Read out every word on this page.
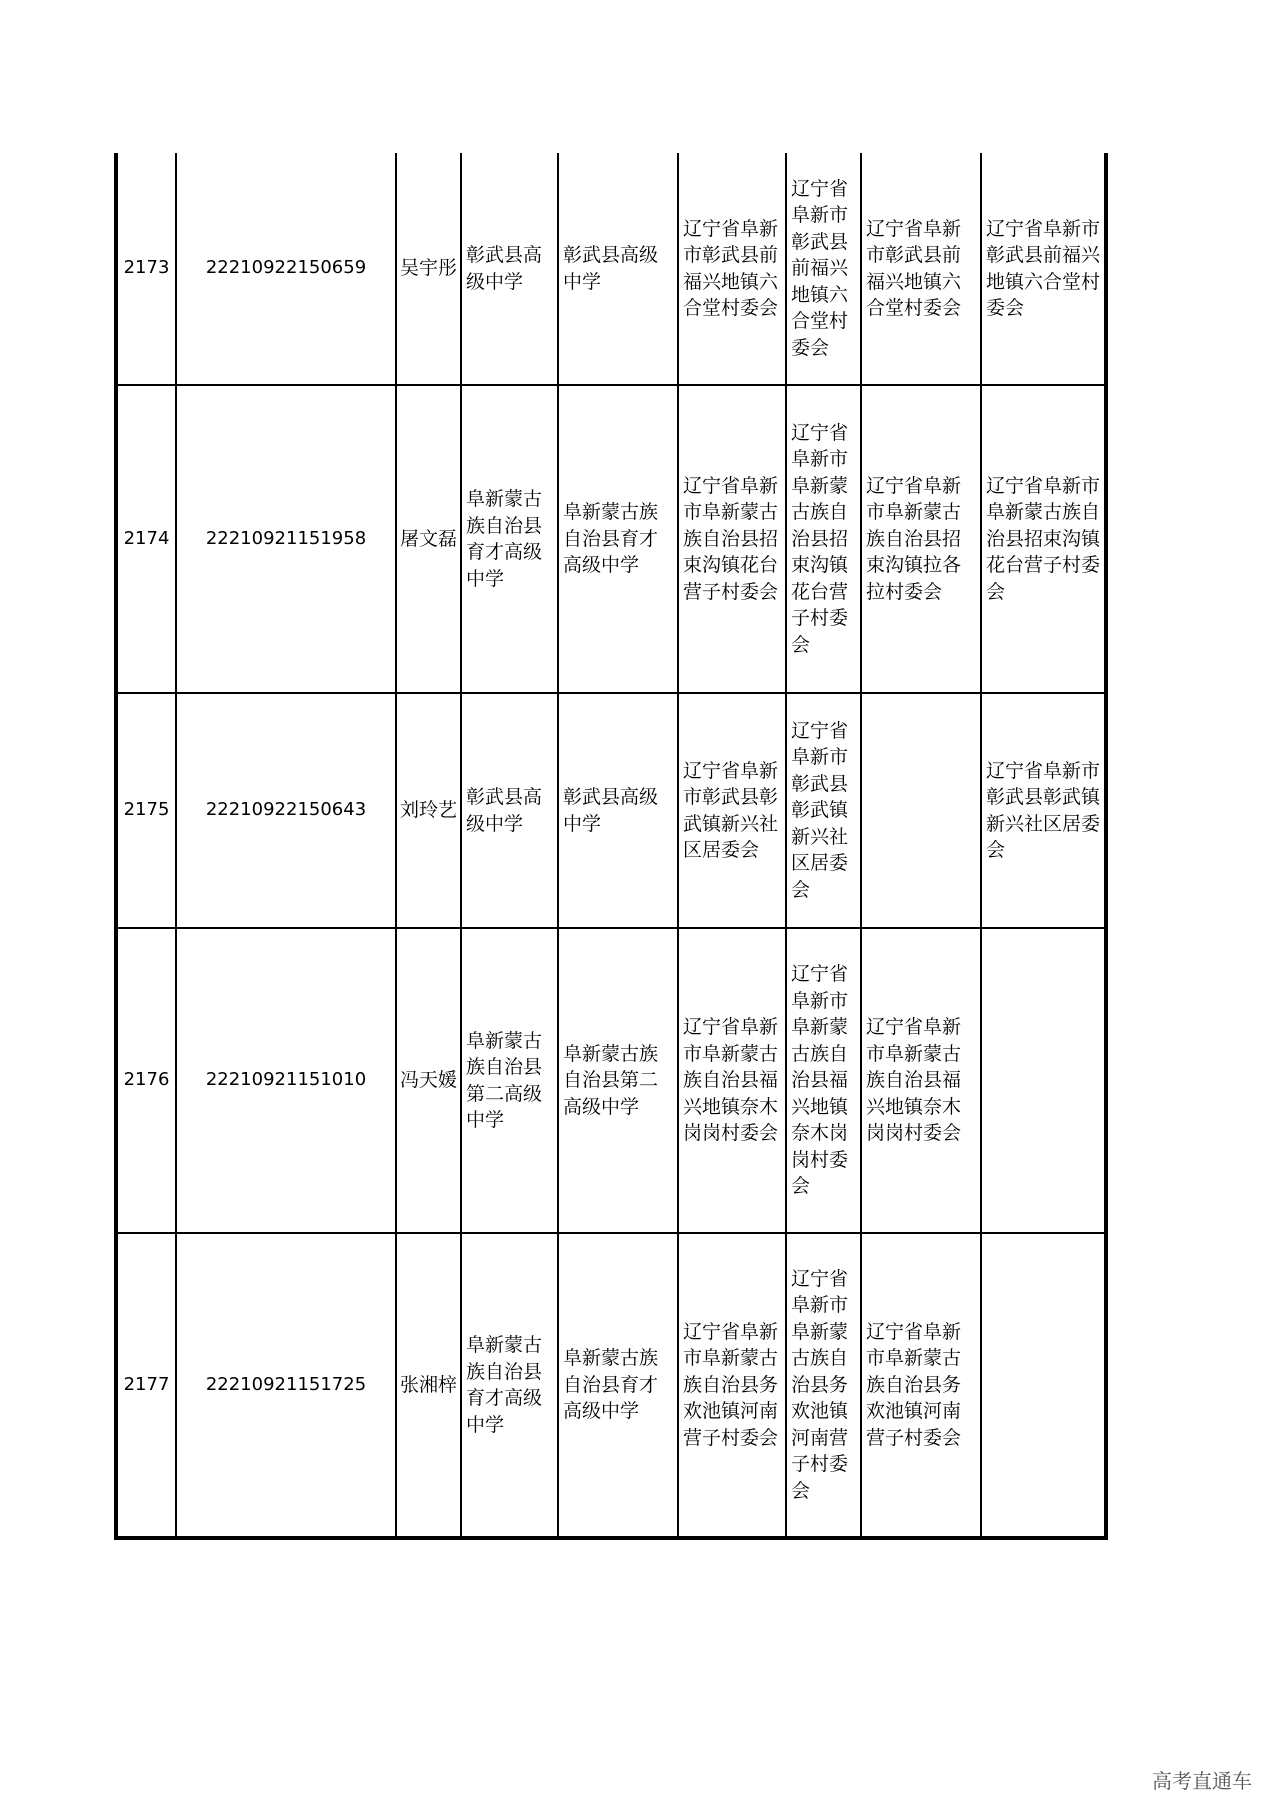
2173	22210922150659	吴宇彤	彰武县高级中学	彰武县高级中学	辽宁省阜新市彰武县前福兴地镇六合堂村委会	辽宁省阜新市彰武县前福兴地镇六合堂村委会	辽宁省阜新市彰武县前福兴地镇六合堂村委会	辽宁省阜新市彰武县前福兴地镇六合堂村委会
2174	22210921151958	屠文磊	阜新蒙古族自治县育才高级中学	阜新蒙古族自治县育才高级中学	辽宁省阜新市阜新蒙古族自治县招束沟镇花台营子村委会	辽宁省阜新市阜新蒙古族自治县招束沟镇花台营子村委会	辽宁省阜新市阜新蒙古族自治县招束沟镇拉各拉村委会	辽宁省阜新市阜新蒙古族自治县招束沟镇花台营子村委会
2175	22210922150643	刘玲艺	彰武县高级中学	彰武县高级中学	辽宁省阜新市彰武县彰武镇新兴社区居委会	辽宁省阜新市彰武县彰武镇新兴社区居委会		辽宁省阜新市彰武县彰武镇新兴社区居委会
2176	22210921151010	冯天媛	阜新蒙古族自治县第二高级中学	阜新蒙古族自治县第二高级中学	辽宁省阜新市阜新蒙古族自治县福兴地镇奈木岗岗村委会	辽宁省阜新市阜新蒙古族自治县福兴地镇奈木岗岗村委会	辽宁省阜新市阜新蒙古族自治县福兴地镇奈木岗岗村委会	
2177	22210921151725	张湘梓	阜新蒙古族自治县育才高级中学	阜新蒙古族自治县育才高级中学	辽宁省阜新市阜新蒙古族自治县务欢池镇河南营子村委会	辽宁省阜新市阜新蒙古族自治县务欢池镇河南营子村委会	辽宁省阜新市阜新蒙古族自治县务欢池镇河南营子村委会	
高考直通车
